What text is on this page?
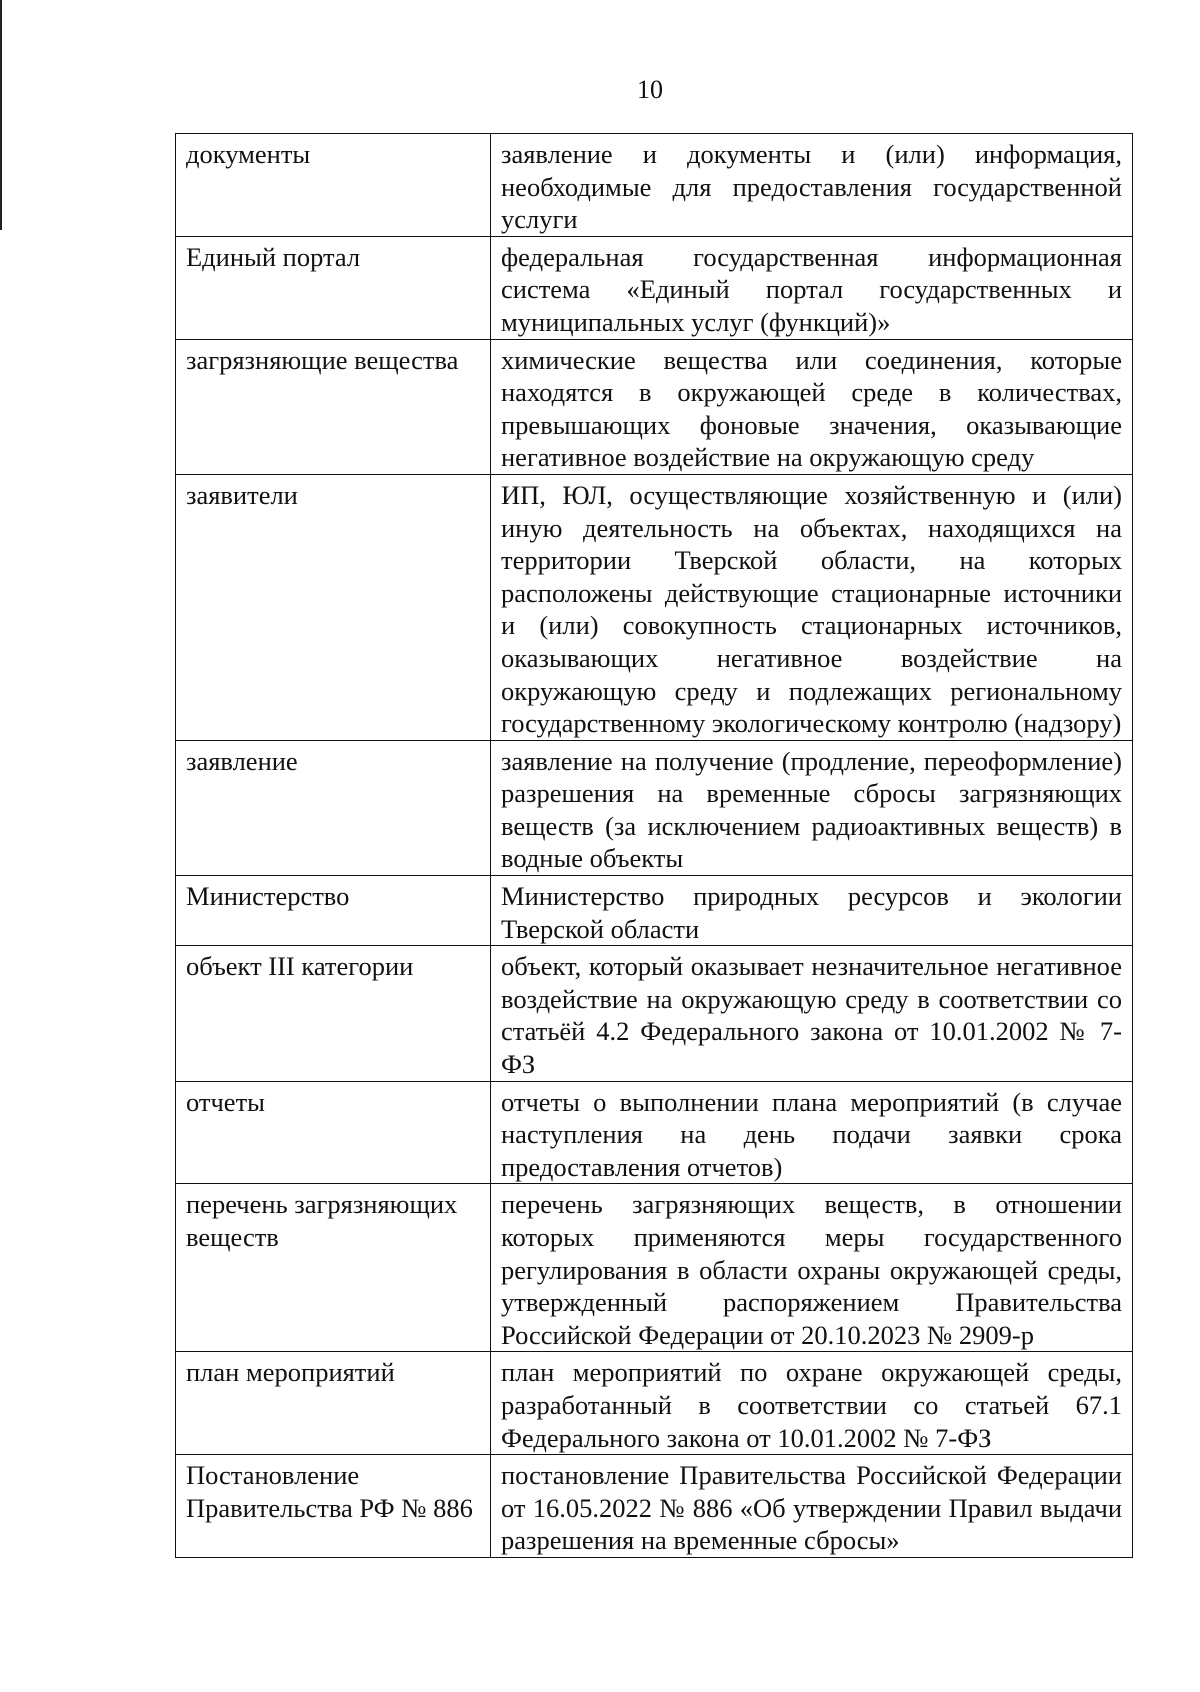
10
документы	заявление и документы и (или) информация, необходимые для предоставления государственной услуги
Единый портал	федеральная государственная информационная система «Единый портал государственных и муниципальных услуг (функций)»
загрязняющие вещества	химические вещества или соединения, которые находятся в окружающей среде в количествах, превышающих фоновые значения, оказывающие негативное воздействие на окружающую среду
заявители	ИП, ЮЛ, осуществляющие хозяйственную и (или) иную деятельность на объектах, находящихся на территории Тверской области, на которых расположены действующие стационарные источники и (или) совокупность стационарных источников, оказывающих негативное воздействие на окружающую среду и подлежащих региональному государственному экологическому контролю (надзору)
заявление	заявление на получение (продление, переоформление) разрешения на временные сбросы загрязняющих веществ (за исключением радиоактивных веществ) в водные объекты
Министерство	Министерство природных ресурсов и экологии Тверской области
объект III категории	объект, который оказывает незначительное негативное воздействие на окружающую среду в соответствии со статьёй 4.2 Федерального закона от 10.01.2002 № 7-ФЗ
отчеты	отчеты о выполнении плана мероприятий (в случае наступления на день подачи заявки срока предоставления отчетов)
перечень загрязняющих веществ	перечень загрязняющих веществ, в отношении которых применяются меры государственного регулирования в области охраны окружающей среды, утвержденный распоряжением Правительства Российской Федерации от 20.10.2023 № 2909-р
план мероприятий	план мероприятий по охране окружающей среды, разработанный в соответствии со статьей 67.1 Федерального закона от 10.01.2002 № 7-ФЗ
Постановление Правительства РФ № 886	постановление Правительства Российской Федерации от 16.05.2022 № 886 «Об утверждении Правил выдачи разрешения на временные сбросы»
